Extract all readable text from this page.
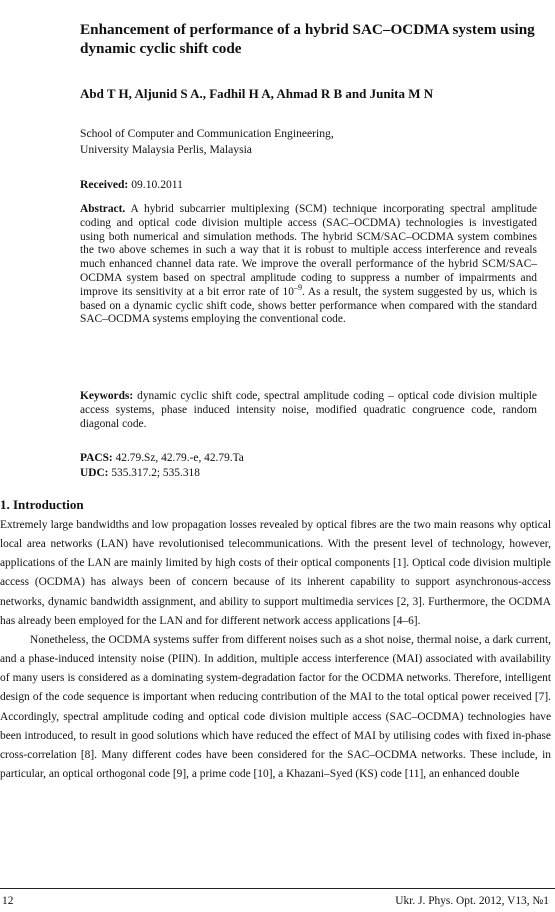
Enhancement of performance of a hybrid SAC–OCDMA system using dynamic cyclic shift code
Abd T H, Aljunid S A., Fadhil H A, Ahmad R B and Junita M N
School of Computer and Communication Engineering,
University Malaysia Perlis, Malaysia
Received: 09.10.2011
Abstract. A hybrid subcarrier multiplexing (SCM) technique incorporating spectral amplitude coding and optical code division multiple access (SAC–OCDMA) technologies is investigated using both numerical and simulation methods. The hybrid SCM/SAC–OCDMA system combines the two above schemes in such a way that it is robust to multiple access interference and reveals much enhanced channel data rate. We improve the overall performance of the hybrid SCM/SAC–OCDMA system based on spectral amplitude coding to suppress a number of impairments and improve its sensitivity at a bit error rate of $10^{-9}$. As a result, the system suggested by us, which is based on a dynamic cyclic shift code, shows better performance when compared with the standard SAC–OCDMA systems employing the conventional code.
Keywords: dynamic cyclic shift code, spectral amplitude coding – optical code division multiple access systems, phase induced intensity noise, modified quadratic congruence code, random diagonal code.
PACS: 42.79.Sz, 42.79.-e, 42.79.Ta
UDC: 535.317.2; 535.318
1. Introduction

Extremely large bandwidths and low propagation losses revealed by optical fibres are the two main reasons why optical local area networks (LAN) have revolutionised telecommunications. With the present level of technology, however, applications of the LAN are mainly limited by high costs of their optical components [1]. Optical code division multiple access (OCDMA) has always been of concern because of its inherent capability to support asynchronous-access networks, dynamic bandwidth assignment, and ability to support multimedia services [2, 3]. Furthermore, the OCDMA has already been employed for the LAN and for different network access applications [4–6].

Nonetheless, the OCDMA systems suffer from different noises such as a shot noise, thermal noise, a dark current, and a phase-induced intensity noise (PIIN). In addition, multiple access interference (MAI) associated with availability of many users is considered as a dominating system-degradation factor for the OCDMA networks. Therefore, intelligent design of the code sequence is important when reducing contribution of the MAI to the total optical power received [7]. Accordingly, spectral amplitude coding and optical code division multiple access (SAC–OCDMA) technologies have been introduced, to result in good solutions which have reduced the effect of MAI by utilising codes with fixed in-phase cross-correlation [8]. Many different codes have been considered for the SAC–OCDMA networks. These include, in particular, an optical orthogonal code [9], a prime code [10], a Khazani–Syed (KS) code [11], an enhanced double

12	Ukr. J. Phys. Opt. 2012, V13, №1
